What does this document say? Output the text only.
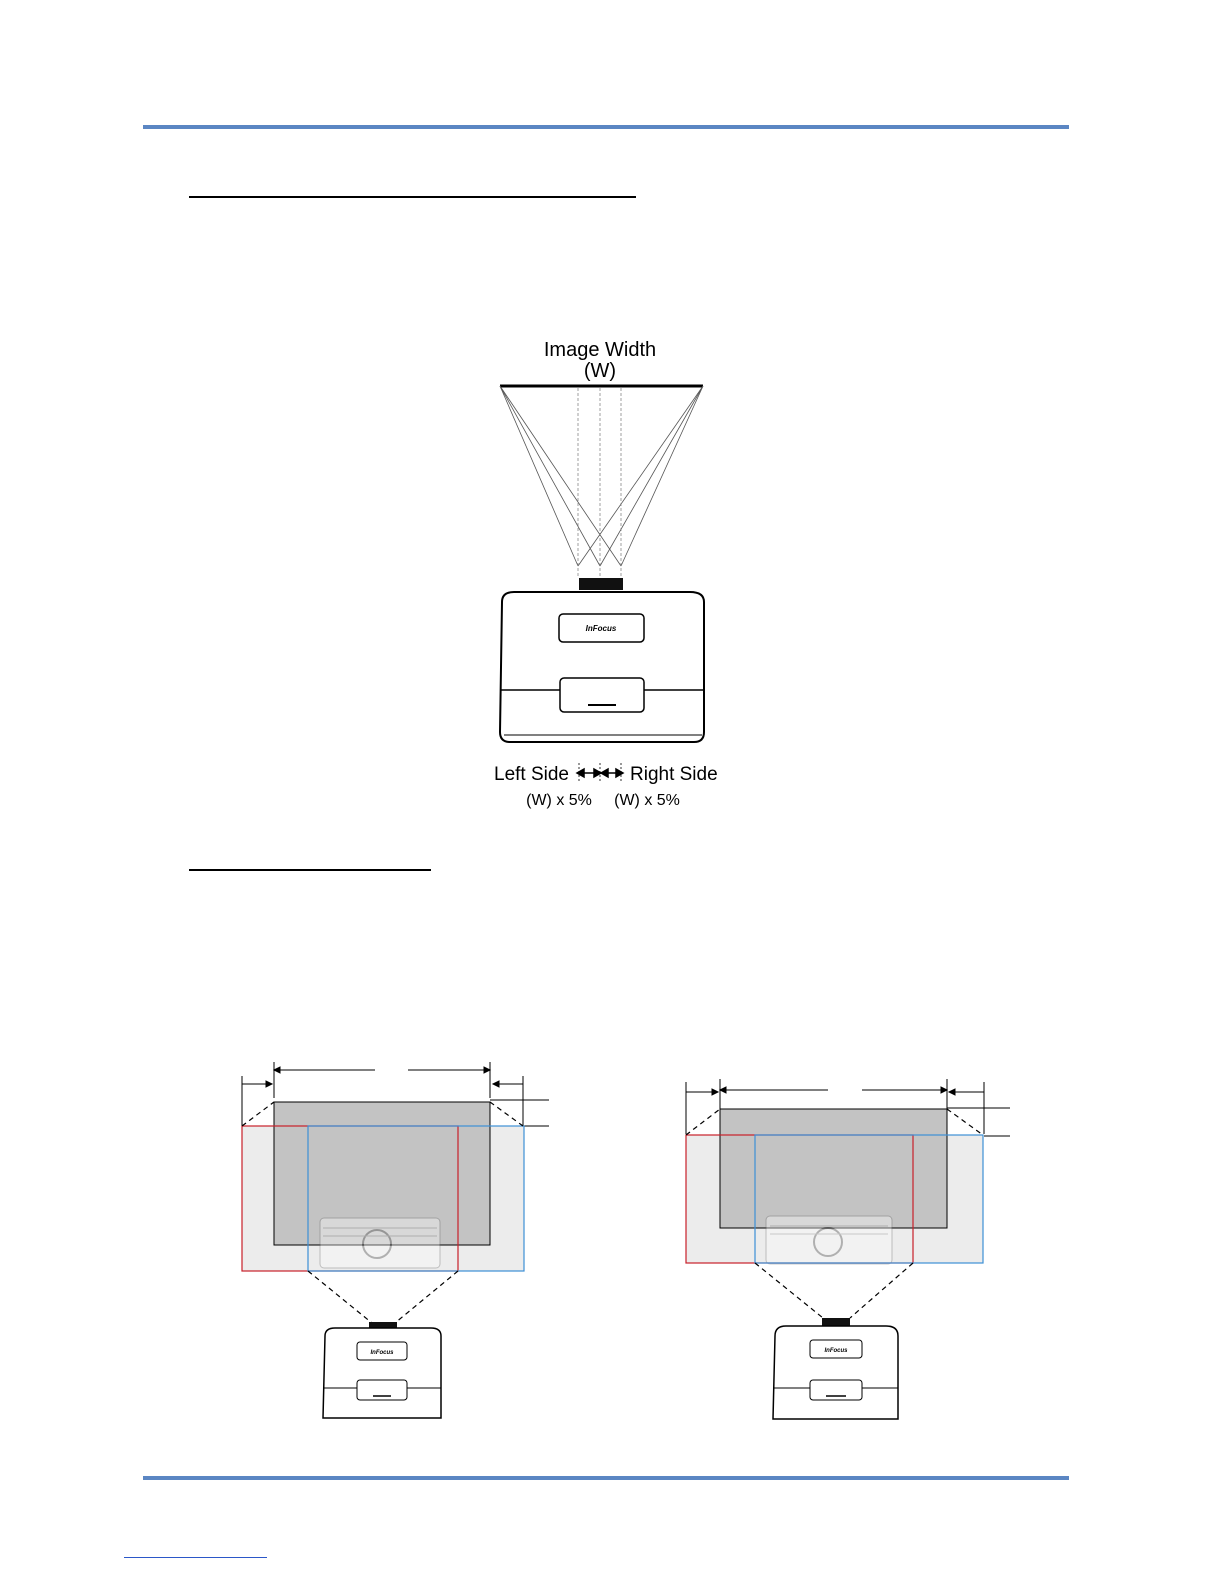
Image Width
(W)
InFocus
Left Side	Right Side
(W) x 5% (W) x 5%
InFocus	InFocus
